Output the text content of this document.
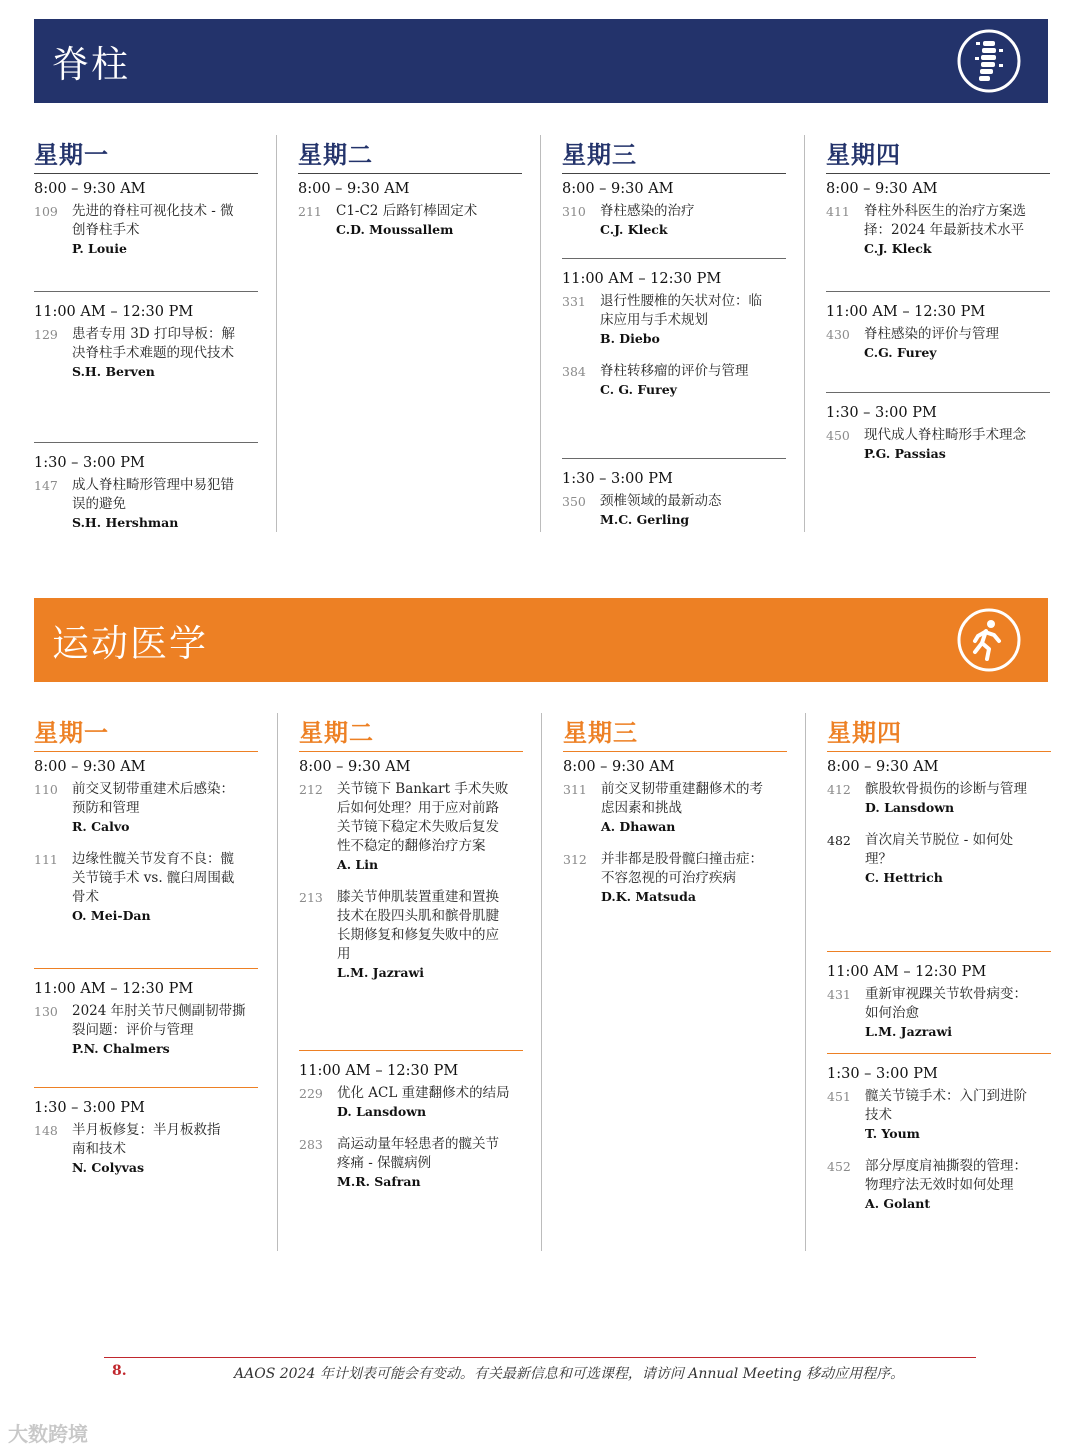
脊柱
星期一
8:00 – 9:30 AM
109 先进的脊柱可视化技术 - 微
创脊柱手术
P. Louie
11:00 AM – 12:30 PM
129 患者专用 3D 打印导板：解
决脊柱手术难题的现代技术
S.H. Berven
1:30 – 3:00 PM
147 成人脊柱畸形管理中易犯错
误的避免
S.H. Hershman
星期二
8:00 – 9:30 AM
211 C1-C2 后路钉棒固定术
C.D. Moussallem
星期三
8:00 – 9:30 AM
310 脊柱感染的治疗
C.J. Kleck
11:00 AM – 12:30 PM
331 退行性腰椎的矢状对位：临
床应用与手术规划
B. Diebo
384 脊柱转移瘤的评价与管理
C. G. Furey
1:30 – 3:00 PM
350 颈椎领域的最新动态
M.C. Gerling
星期四
8:00 – 9:30 AM
411 脊柱外科医生的治疗方案选
择：2024 年最新技术水平
C.J. Kleck
11:00 AM – 12:30 PM
430 脊柱感染的评价与管理
C.G. Furey
1:30 – 3:00 PM
450 现代成人脊柱畸形手术理念
P.G. Passias
运动医学
星期一
8:00 – 9:30 AM
110 前交叉韧带重建术后感染：
预防和管理
R. Calvo
111 边缘性髋关节发育不良：髋
关节镜手术 vs. 髋臼周围截
骨术
O. Mei-Dan
11:00 AM – 12:30 PM
130 2024 年肘关节尺侧副韧带撕
裂问题：评价与管理
P.N. Chalmers
1:30 – 3:00 PM
148 半月板修复：半月板救指
南和技术
N. Colyvas
星期二
8:00 – 9:30 AM
212 关节镜下 Bankart 手术失败
后如何处理？用于应对前路
关节镜下稳定术失败后复发
性不稳定的翻修治疗方案
A. Lin
213 膝关节伸肌装置重建和置换
技术在股四头肌和髌骨肌腱
长期修复和修复失败中的应
用
L.M. Jazrawi
11:00 AM – 12:30 PM
229 优化 ACL 重建翻修术的结局
D. Lansdown
283 高运动量年轻患者的髋关节
疼痛 - 保髋病例
M.R. Safran
星期三
8:00 – 9:30 AM
311 前交叉韧带重建翻修术的考
虑因素和挑战
A. Dhawan
312 并非都是股骨髋臼撞击症：
不容忽视的可治疗疾病
D.K. Matsuda
星期四
8:00 – 9:30 AM
412 髌股软骨损伤的诊断与管理
D. Lansdown
482 首次肩关节脱位 - 如何处
理？
C. Hettrich
11:00 AM – 12:30 PM
431 重新审视踝关节软骨病变：
如何治愈
L.M. Jazrawi
1:30 – 3:00 PM
451 髋关节镜手术：入门到进阶
技术
T. Youm
452 部分厚度肩袖撕裂的管理：
物理疗法无效时如何处理
A. Golant
8.	AAOS 2024 年计划表可能会有变动。有关最新信息和可选课程，请访问 Annual Meeting 移动应用程序。
大数跨境
